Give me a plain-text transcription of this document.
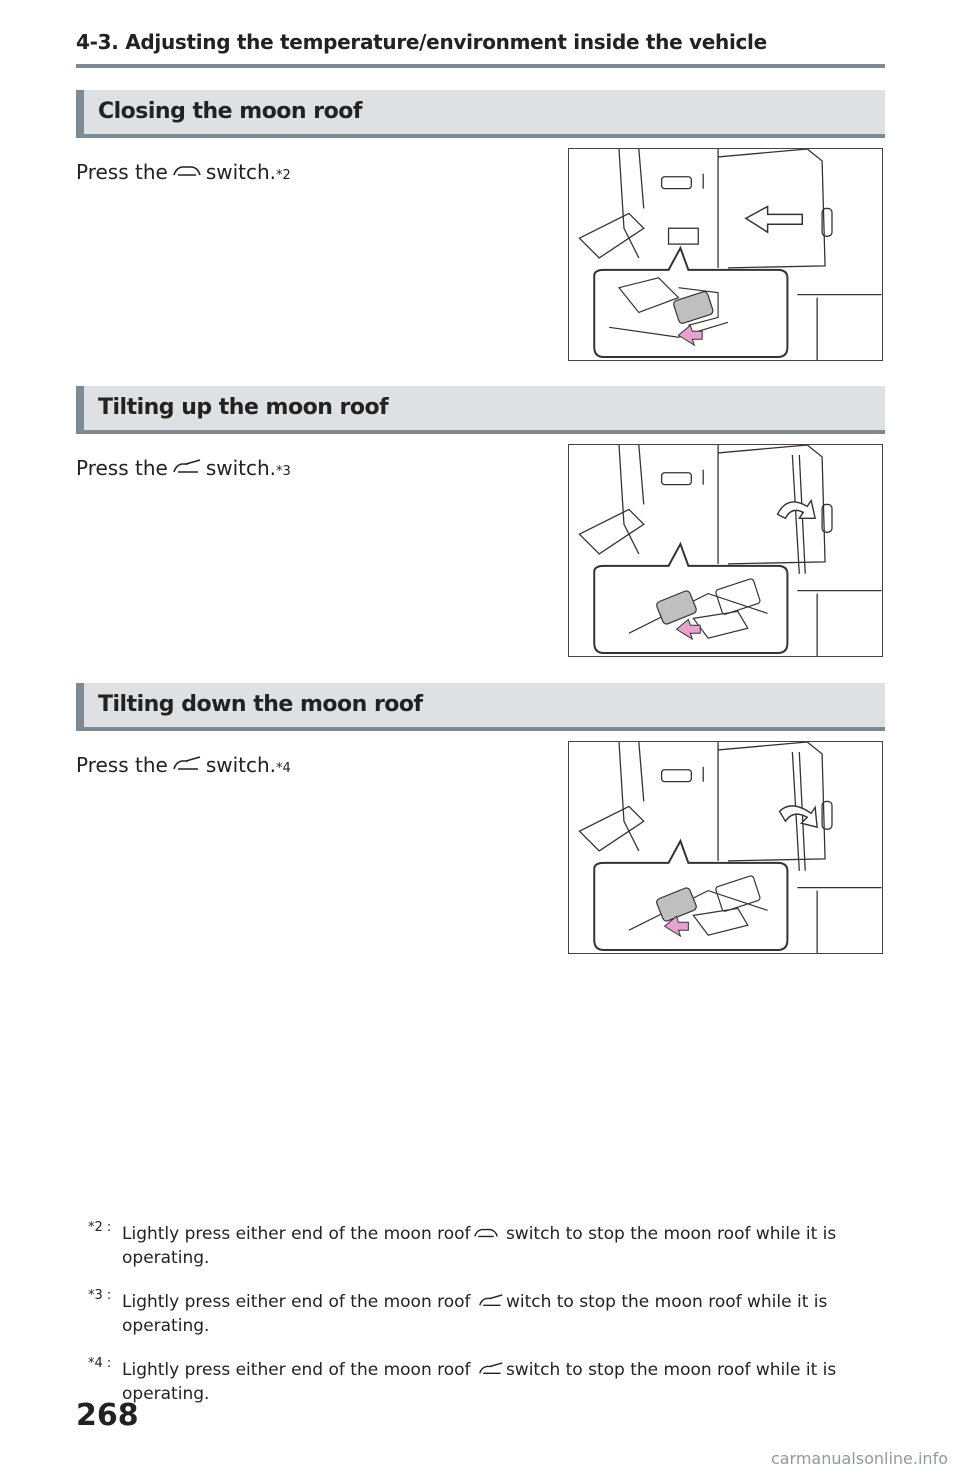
4-3. Adjusting the temperature/environment inside the vehicle
Closing the moon roof
Press the switch. *2
Tilting up the moon roof
Press the switch. *3
Tilting down the moon roof
Press the switch. *4
*2 : Lightly press either end of the moon roof switch to stop the moon roof while it is
operating.
*3 : Lightly press either end of the moon roof witch to stop the moon roof while it is
operating.
*4 : Lightly press either end of the moon roof switch to stop the moon roof while it is
operating.
268
carmanualsonline.info
